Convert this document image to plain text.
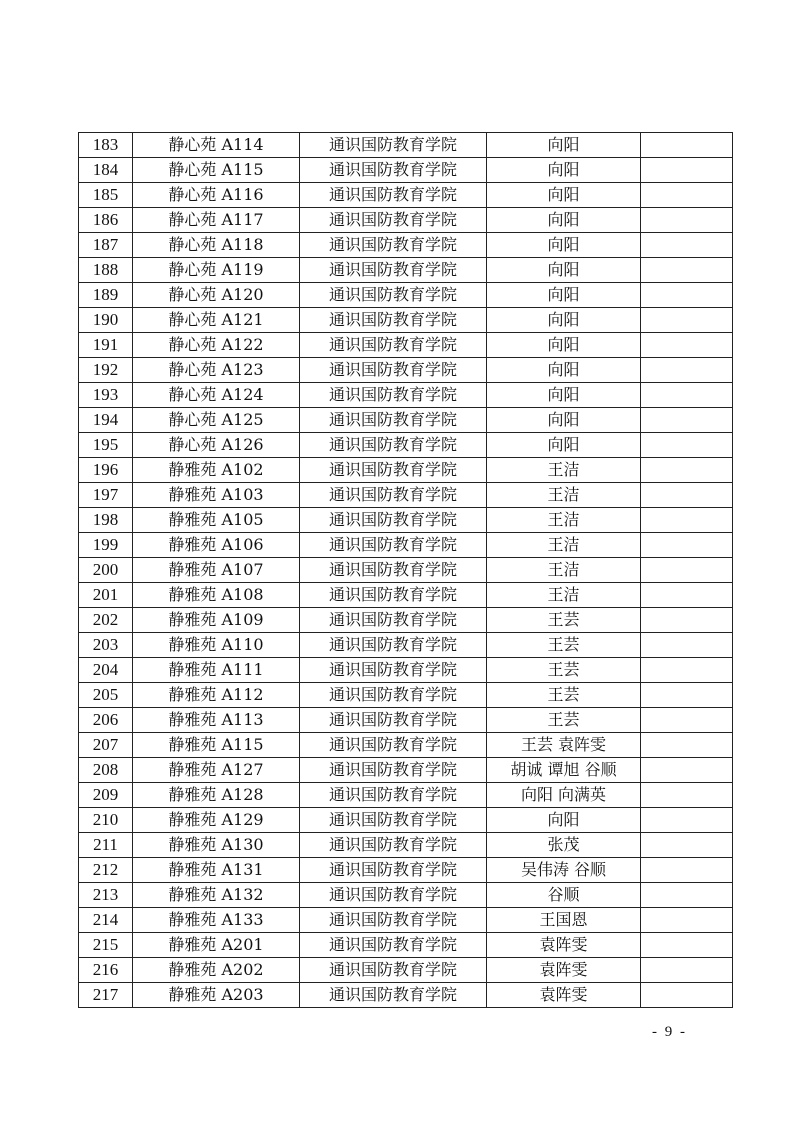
183	静心苑 A114	通识国防教育学院	向阳	
184	静心苑 A115	通识国防教育学院	向阳	
185	静心苑 A116	通识国防教育学院	向阳	
186	静心苑 A117	通识国防教育学院	向阳	
187	静心苑 A118	通识国防教育学院	向阳	
188	静心苑 A119	通识国防教育学院	向阳	
189	静心苑 A120	通识国防教育学院	向阳	
190	静心苑 A121	通识国防教育学院	向阳	
191	静心苑 A122	通识国防教育学院	向阳	
192	静心苑 A123	通识国防教育学院	向阳	
193	静心苑 A124	通识国防教育学院	向阳	
194	静心苑 A125	通识国防教育学院	向阳	
195	静心苑 A126	通识国防教育学院	向阳	
196	静雅苑 A102	通识国防教育学院	王洁	
197	静雅苑 A103	通识国防教育学院	王洁	
198	静雅苑 A105	通识国防教育学院	王洁	
199	静雅苑 A106	通识国防教育学院	王洁	
200	静雅苑 A107	通识国防教育学院	王洁	
201	静雅苑 A108	通识国防教育学院	王洁	
202	静雅苑 A109	通识国防教育学院	王芸	
203	静雅苑 A110	通识国防教育学院	王芸	
204	静雅苑 A111	通识国防教育学院	王芸	
205	静雅苑 A112	通识国防教育学院	王芸	
206	静雅苑 A113	通识国防教育学院	王芸	
207	静雅苑 A115	通识国防教育学院	王芸 袁阵雯	
208	静雅苑 A127	通识国防教育学院	胡诚 谭旭 谷顺	
209	静雅苑 A128	通识国防教育学院	向阳 向满英	
210	静雅苑 A129	通识国防教育学院	向阳	
211	静雅苑 A130	通识国防教育学院	张茂	
212	静雅苑 A131	通识国防教育学院	吴伟涛 谷顺	
213	静雅苑 A132	通识国防教育学院	谷顺	
214	静雅苑 A133	通识国防教育学院	王国恩	
215	静雅苑 A201	通识国防教育学院	袁阵雯	
216	静雅苑 A202	通识国防教育学院	袁阵雯	
217	静雅苑 A203	通识国防教育学院	袁阵雯	
- 9 -
